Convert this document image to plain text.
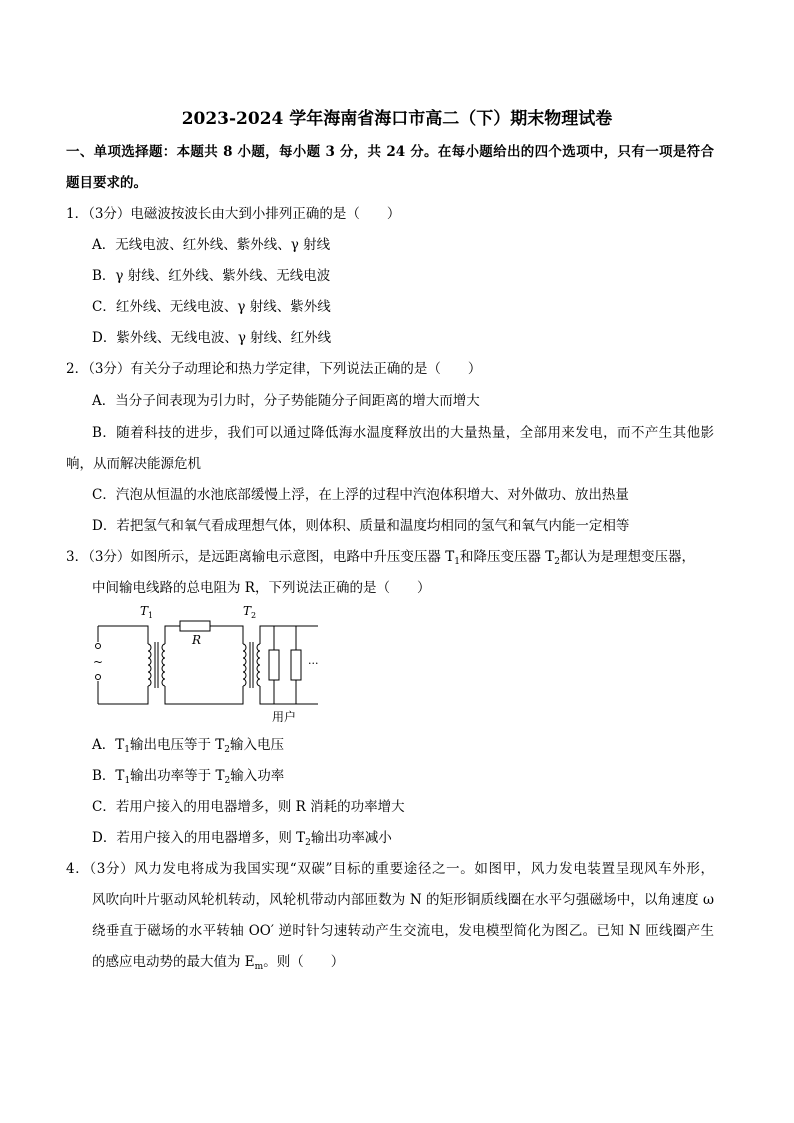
2023-2024 学年海南省海口市高二（下）期末物理试卷
一、单项选择题：本题共 8 小题，每小题 3 分，共 24 分。在每小题给出的四个选项中，只有一项是符合
题目要求的。
1．（3分）电磁波按波长由大到小排列正确的是（　　）
A．无线电波、红外线、紫外线、γ 射线
B．γ 射线、红外线、紫外线、无线电波
C．红外线、无线电波、γ 射线、紫外线
D．紫外线、无线电波、γ 射线、红外线
2．（3分）有关分子动理论和热力学定律，下列说法正确的是（　　）
A．当分子间表现为引力时，分子势能随分子间距离的增大而增大
B．随着科技的进步，我们可以通过降低海水温度释放出的大量热量，全部用来发电，而不产生其他影
响，从而解决能源危机
C．汽泡从恒温的水池底部缓慢上浮，在上浮的过程中汽泡体积增大、对外做功、放出热量
D．若把氢气和氧气看成理想气体，则体积、质量和温度均相同的氢气和氧气内能一定相等
3．（3分）如图所示，是远距离输电示意图，电路中升压变压器 $T_1$和降压变压器 $T_2$都认为是理想变压器，
中间输电线路的总电阻为 R，下列说法正确的是（　　）
$T_1$	$T_2$
R
~	···
用户
A．$T_1$输出电压等于 $T_2$输入电压
B．$T_1$输出功率等于 $T_2$输入功率
C．若用户接入的用电器增多，则 R 消耗的功率增大
D．若用户接入的用电器增多，则 $T_2$输出功率减小
4．（3分）风力发电将成为我国实现“双碳”目标的重要途径之一。如图甲，风力发电装置呈现风车外形，
风吹向叶片驱动风轮机转动，风轮机带动内部匝数为 N 的矩形铜质线圈在水平匀强磁场中，以角速度 ω
绕垂直于磁场的水平转轴 OO′ 逆时针匀速转动产生交流电，发电模型简化为图乙。已知 N 匝线圈产生
的感应电动势的最大值为 $E_m$。则（　　）
